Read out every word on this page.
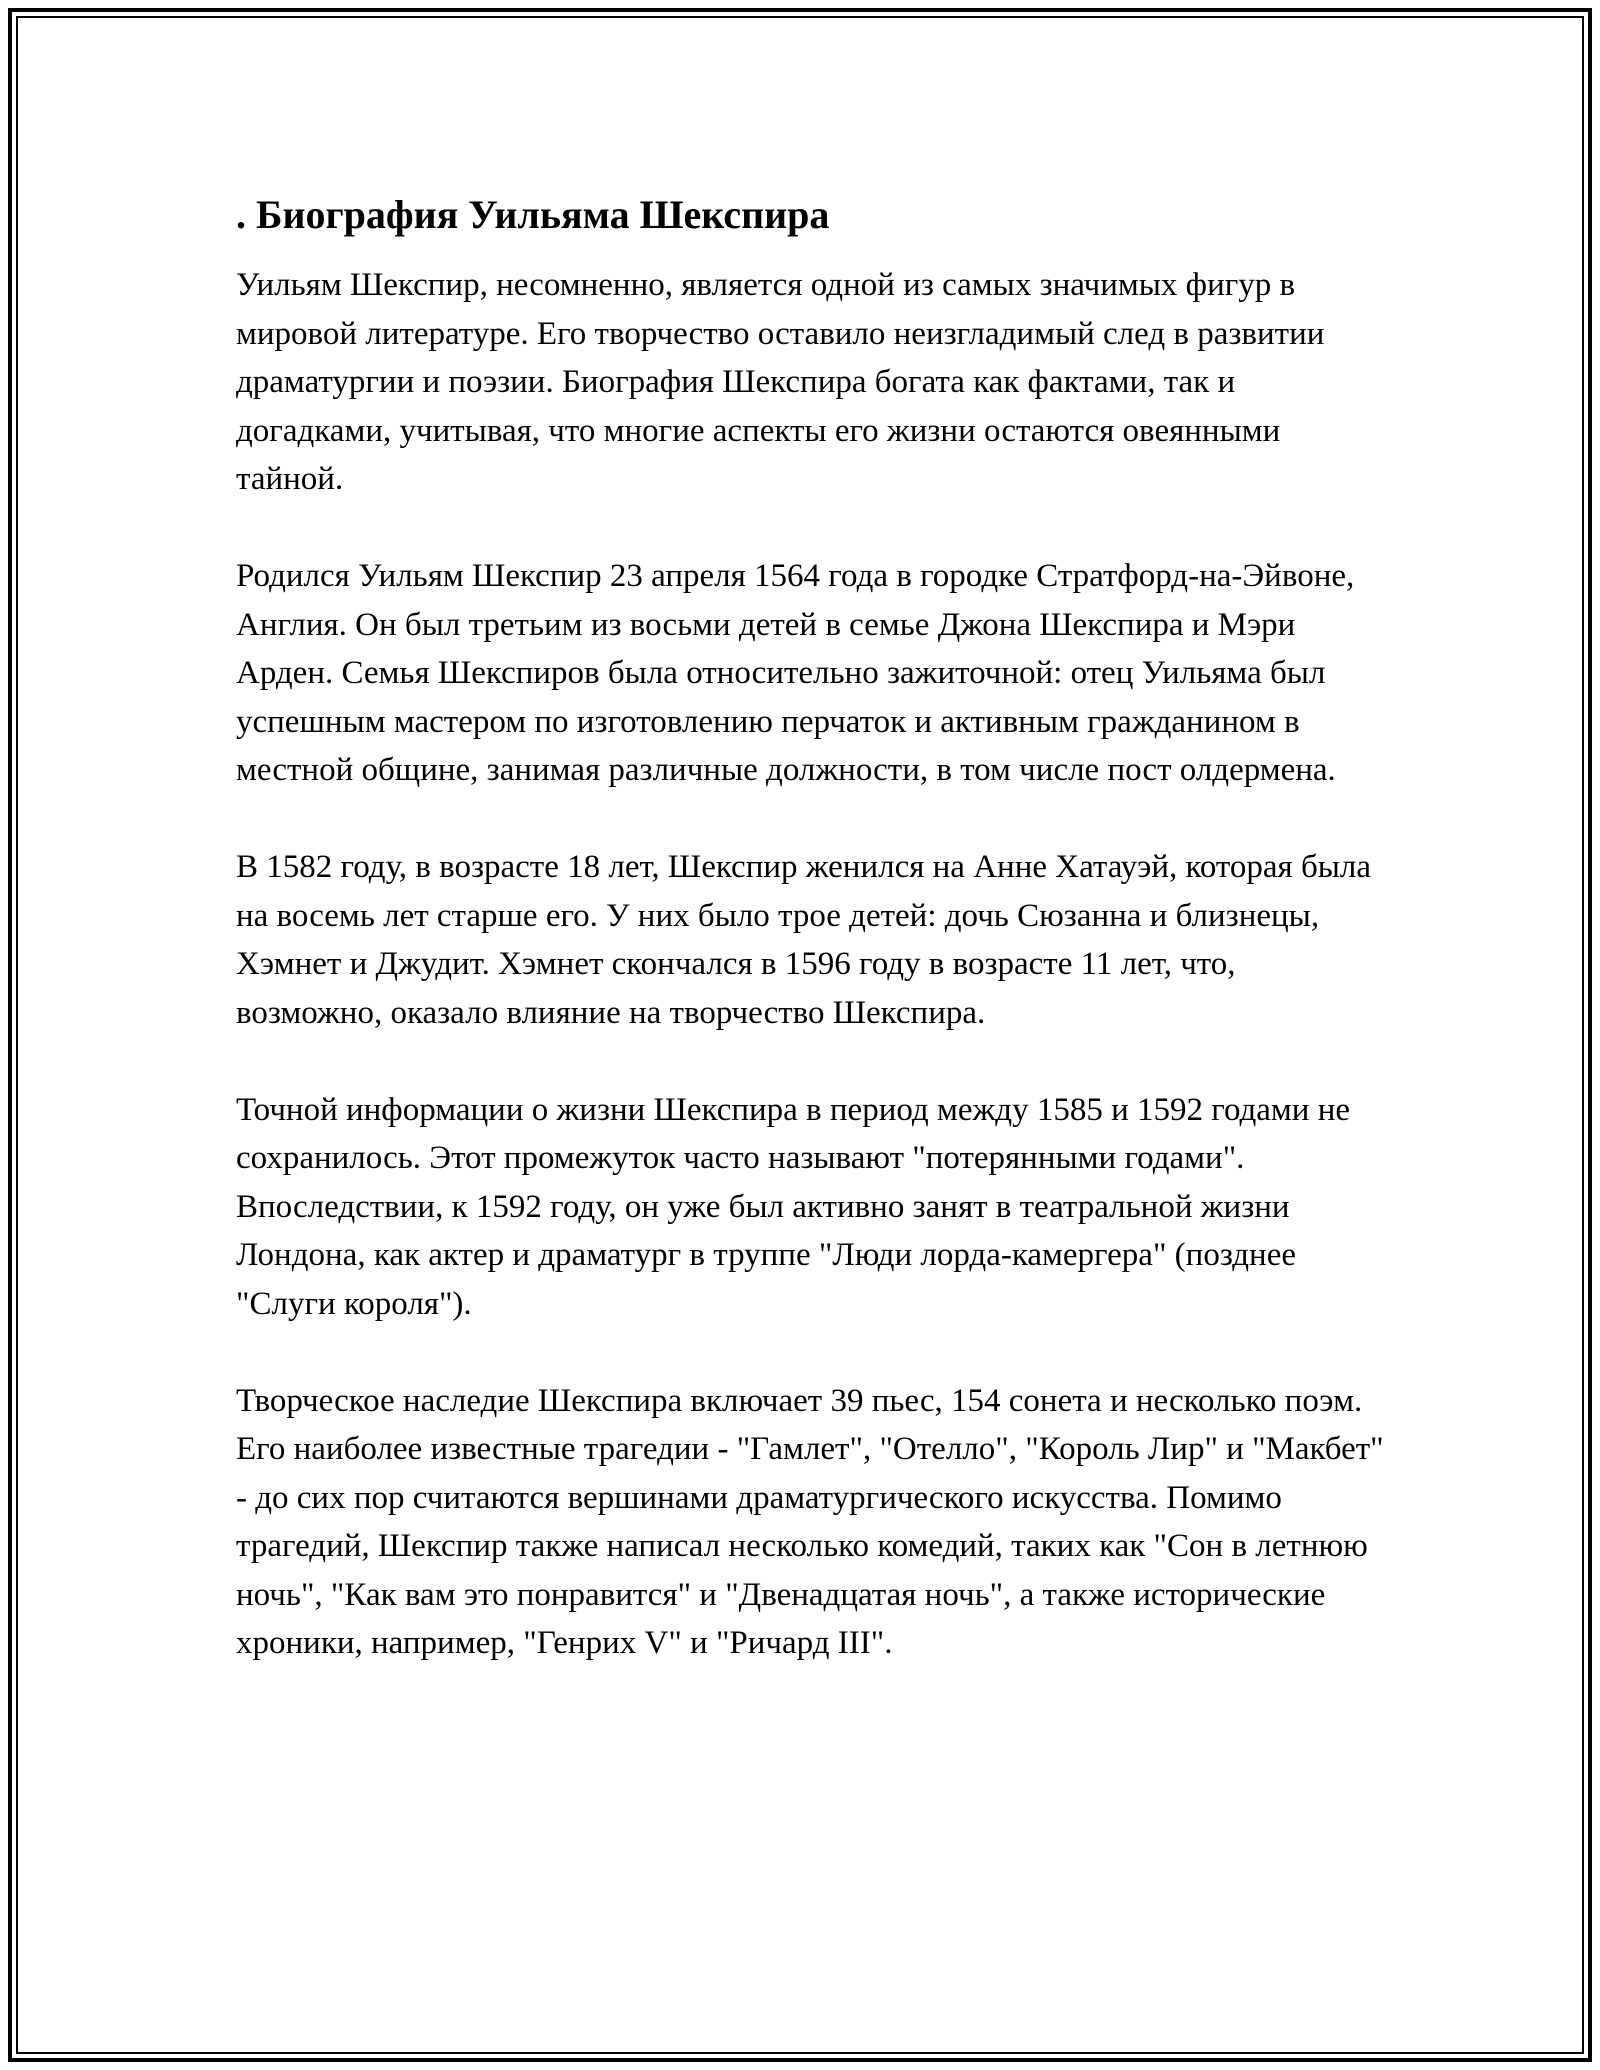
. Биография Уильяма Шекспира

Уильям Шекспир, несомненно, является одной из самых значимых фигур в мировой литературе. Его творчество оставило неизгладимый след в развитии драматургии и поэзии. Биография Шекспира богата как фактами, так и догадками, учитывая, что многие аспекты его жизни остаются овеянными тайной.

Родился Уильям Шекспир 23 апреля 1564 года в городке Стратфорд-на-Эйвоне, Англия. Он был третьим из восьми детей в семье Джона Шекспира и Мэри Арден. Семья Шекспиров была относительно зажиточной: отец Уильяма был успешным мастером по изготовлению перчаток и активным гражданином в местной общине, занимая различные должности, в том числе пост олдермена.

В 1582 году, в возрасте 18 лет, Шекспир женился на Анне Хатауэй, которая была на восемь лет старше его. У них было трое детей: дочь Сюзанна и близнецы, Хэмнет и Джудит. Хэмнет скончался в 1596 году в возрасте 11 лет, что, возможно, оказало влияние на творчество Шекспира.

Точной информации о жизни Шекспира в период между 1585 и 1592 годами не сохранилось. Этот промежуток часто называют "потерянными годами". Впоследствии, к 1592 году, он уже был активно занят в театральной жизни Лондона, как актер и драматург в труппе "Люди лорда-камергера" (позднее "Слуги короля").

Творческое наследие Шекспира включает 39 пьес, 154 сонета и несколько поэм. Его наиболее известные трагедии - "Гамлет", "Отелло", "Король Лир" и "Макбет" - до сих пор считаются вершинами драматургического искусства. Помимо трагедий, Шекспир также написал несколько комедий, таких как "Сон в летнюю ночь", "Как вам это понравится" и "Двенадцатая ночь", а также исторические хроники, например, "Генрих V" и "Ричард III".
